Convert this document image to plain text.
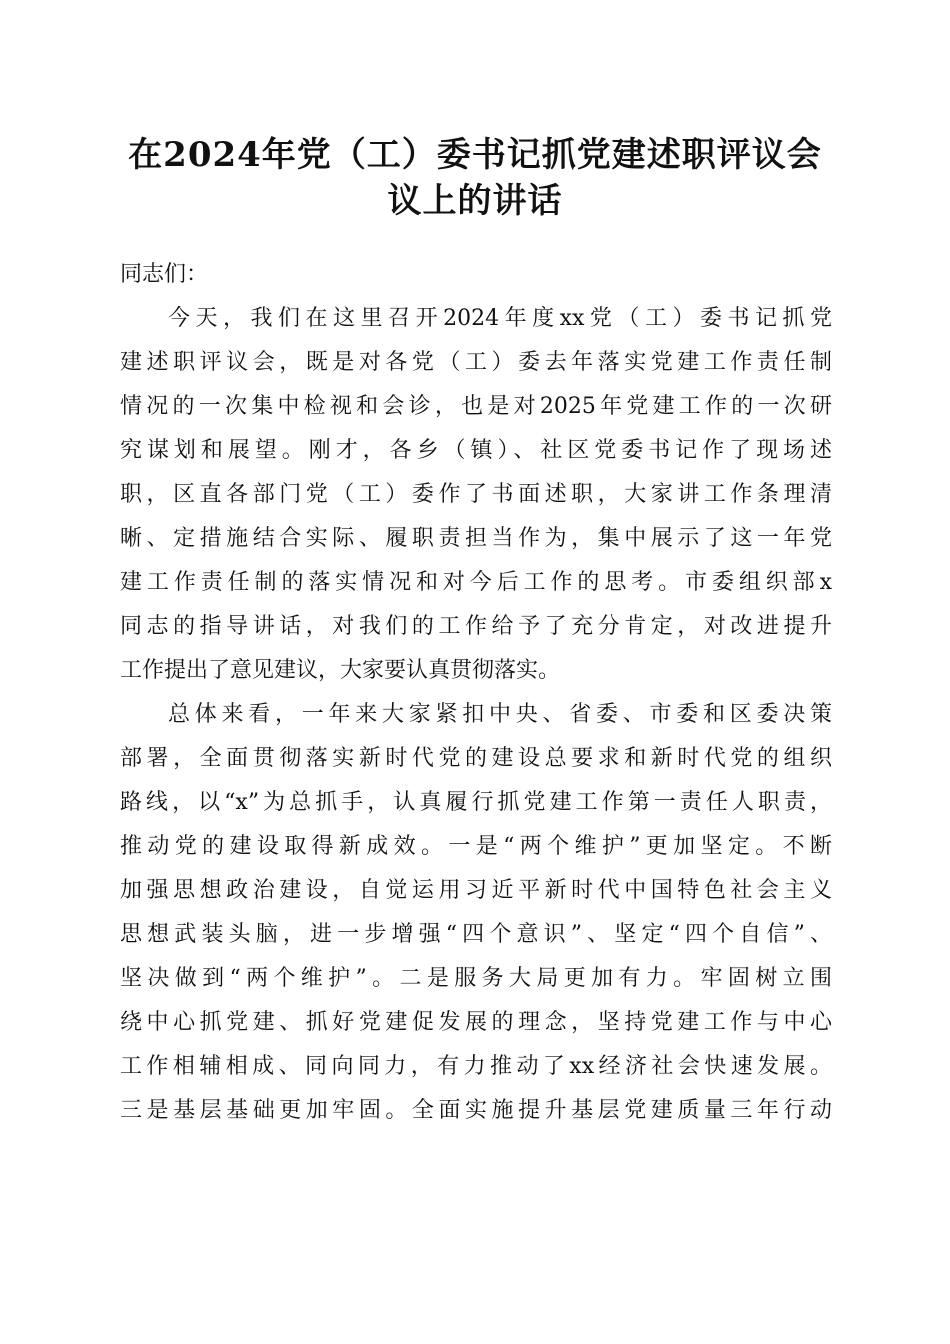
在2024年党（工）委书记抓党建述职评议会
议上的讲话
同志们：
今天，我们在这里召开2024年度xx党（工）委书记抓党
建述职评议会，既是对各党（工）委去年落实党建工作责任制
情况的一次集中检视和会诊，也是对2025年党建工作的一次研
究谋划和展望。刚才，各乡（镇）、社区党委书记作了现场述
职，区直各部门党（工）委作了书面述职，大家讲工作条理清
晰、定措施结合实际、履职责担当作为，集中展示了这一年党
建工作责任制的落实情况和对今后工作的思考。市委组织部x
同志的指导讲话，对我们的工作给予了充分肯定，对改进提升
工作提出了意见建议，大家要认真贯彻落实。
总体来看，一年来大家紧扣中央、省委、市委和区委决策
部署，全面贯彻落实新时代党的建设总要求和新时代党的组织
路线，以“x”为总抓手，认真履行抓党建工作第一责任人职责，
推动党的建设取得新成效。一是“两个维护”更加坚定。不断
加强思想政治建设，自觉运用习近平新时代中国特色社会主义
思想武装头脑，进一步增强“四个意识”、坚定“四个自信”、
坚决做到“两个维护”。二是服务大局更加有力。牢固树立围
绕中心抓党建、抓好党建促发展的理念，坚持党建工作与中心
工作相辅相成、同向同力，有力推动了xx经济社会快速发展。
三是基层基础更加牢固。全面实施提升基层党建质量三年行动
